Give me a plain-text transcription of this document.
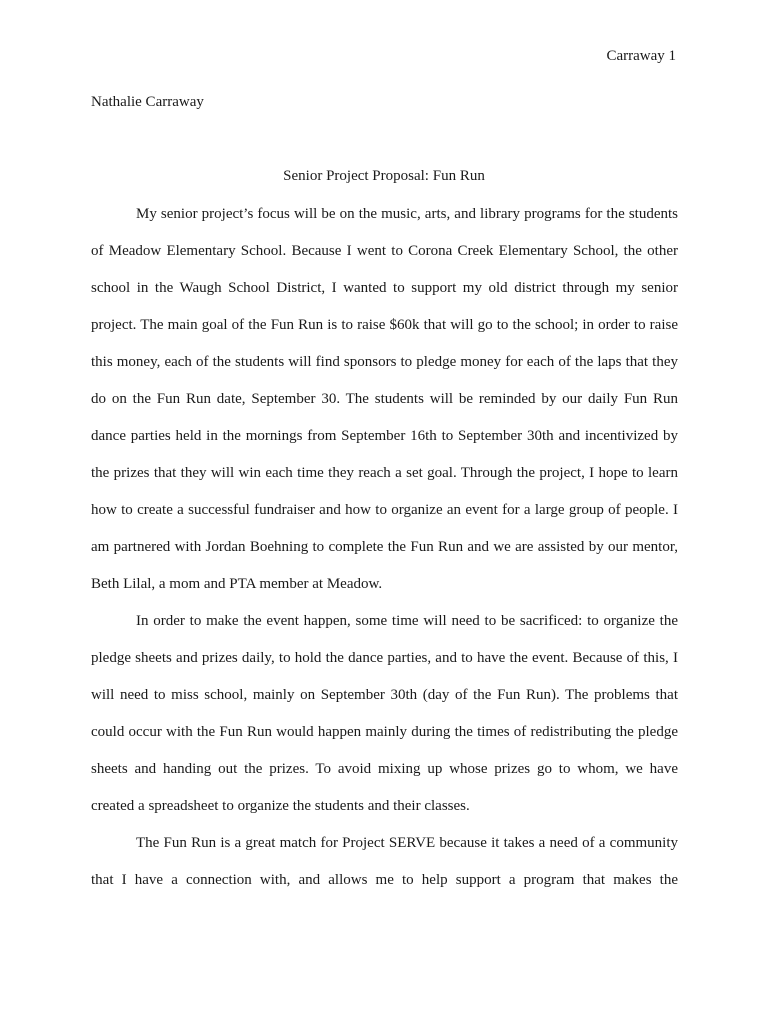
Carraway 1
Nathalie Carraway
Senior Project Proposal: Fun Run
My senior project’s focus will be on the music, arts, and library programs for the students
of Meadow Elementary School. Because I went to Corona Creek Elementary School, the other
school in the Waugh School District, I wanted to support my old district through my senior
project. The main goal of the Fun Run is to raise $60k that will go to the school; in order to raise
this money, each of the students will find sponsors to pledge money for each of the laps that they
do on the Fun Run date, September 30. The students will be reminded by our daily Fun Run
dance parties held in the mornings from September 16th to September 30th and incentivized by
the prizes that they will win each time they reach a set goal. Through the project, I hope to learn
how to create a successful fundraiser and how to organize an event for a large group of people. I
am partnered with Jordan Boehning to complete the Fun Run and we are assisted by our mentor,
Beth Lilal, a mom and PTA member at Meadow.
In order to make the event happen, some time will need to be sacrificed: to organize the
pledge sheets and prizes daily, to hold the dance parties, and to have the event. Because of this, I
will need to miss school, mainly on September 30th (day of the Fun Run). The problems that
could occur with the Fun Run would happen mainly during the times of redistributing the pledge
sheets and handing out the prizes. To avoid mixing up whose prizes go to whom, we have
created a spreadsheet to organize the students and their classes.
The Fun Run is a great match for Project SERVE because it takes a need of a community
that I have a connection with, and allows me to help support a program that makes the
